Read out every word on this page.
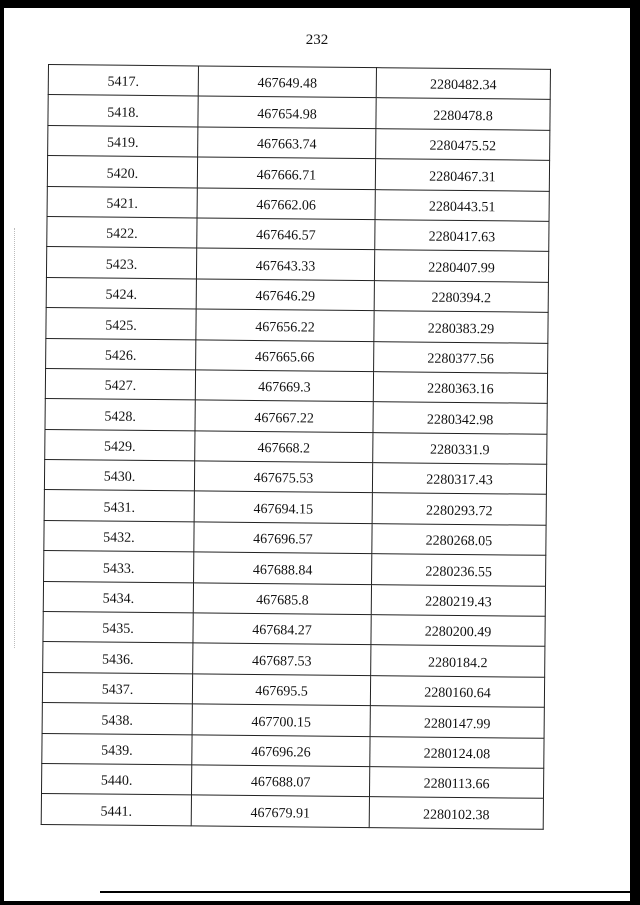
232
5417.	467649.48	2280482.34
5418.	467654.98	2280478.8
5419.	467663.74	2280475.52
5420.	467666.71	2280467.31
5421.	467662.06	2280443.51
5422.	467646.57	2280417.63
5423.	467643.33	2280407.99
5424.	467646.29	2280394.2
5425.	467656.22	2280383.29
5426.	467665.66	2280377.56
5427.	467669.3	2280363.16
5428.	467667.22	2280342.98
5429.	467668.2	2280331.9
5430.	467675.53	2280317.43
5431.	467694.15	2280293.72
5432.	467696.57	2280268.05
5433.	467688.84	2280236.55
5434.	467685.8	2280219.43
5435.	467684.27	2280200.49
5436.	467687.53	2280184.2
5437.	467695.5	2280160.64
5438.	467700.15	2280147.99
5439.	467696.26	2280124.08
5440.	467688.07	2280113.66
5441.	467679.91	2280102.38
